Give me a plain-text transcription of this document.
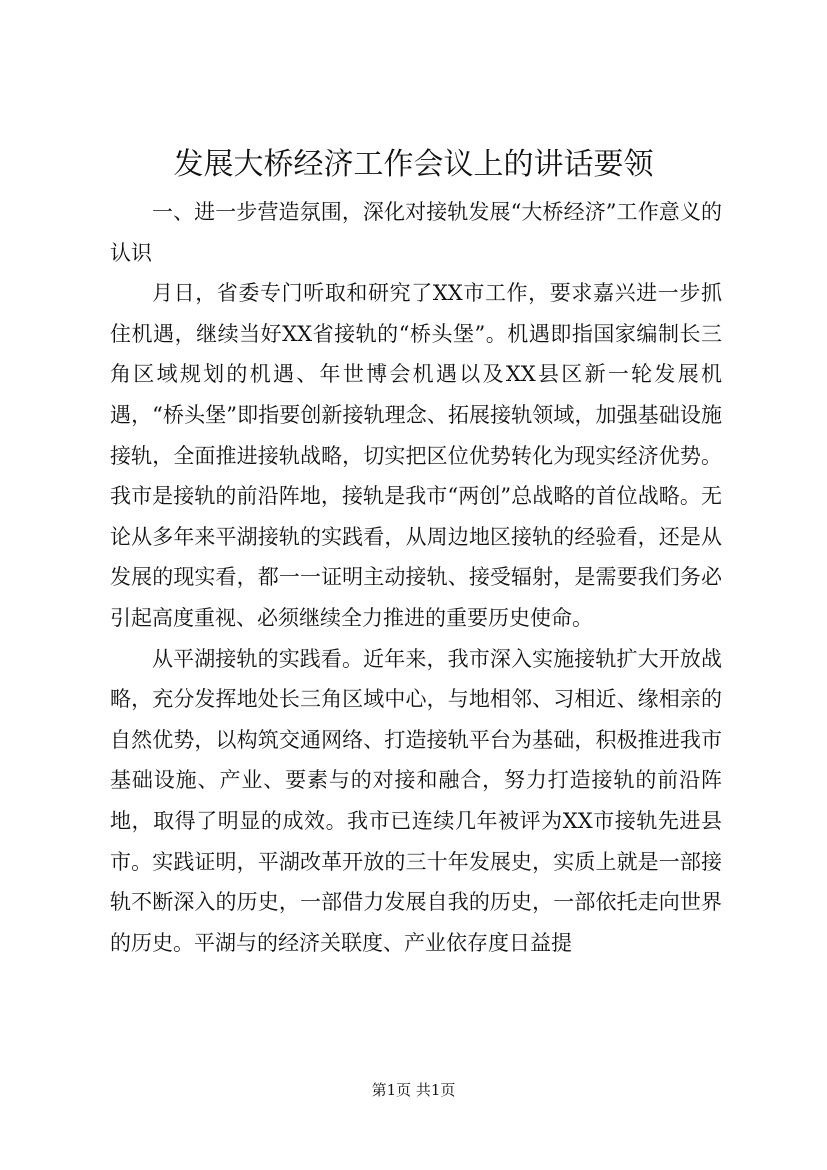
发展大桥经济工作会议上的讲话要领

一、进一步营造氛围，深化对接轨发展“大桥经济”工作意义的认识

月日，省委专门听取和研究了XX市工作，要求嘉兴进一步抓住机遇，继续当好XX省接轨的“桥头堡”。机遇即指国家编制长三角区域规划的机遇、年世博会机遇以及XX县区新一轮发展机遇，“桥头堡”即指要创新接轨理念、拓展接轨领域，加强基础设施接轨，全面推进接轨战略，切实把区位优势转化为现实经济优势。我市是接轨的前沿阵地，接轨是我市“两创”总战略的首位战略。无论从多年来平湖接轨的实践看，从周边地区接轨的经验看，还是从发展的现实看，都一一证明主动接轨、接受辐射，是需要我们务必引起高度重视、必须继续全力推进的重要历史使命。

从平湖接轨的实践看。近年来，我市深入实施接轨扩大开放战略，充分发挥地处长三角区域中心，与地相邻、习相近、缘相亲的自然优势，以构筑交通网络、打造接轨平台为基础，积极推进我市基础设施、产业、要素与的对接和融合，努力打造接轨的前沿阵地，取得了明显的成效。我市已连续几年被评为XX市接轨先进县市。实践证明，平湖改革开放的三十年发展史，实质上就是一部接轨不断深入的历史，一部借力发展自我的历史，一部依托走向世界的历史。平湖与的经济关联度、产业依存度日益提

第1页 共1页
